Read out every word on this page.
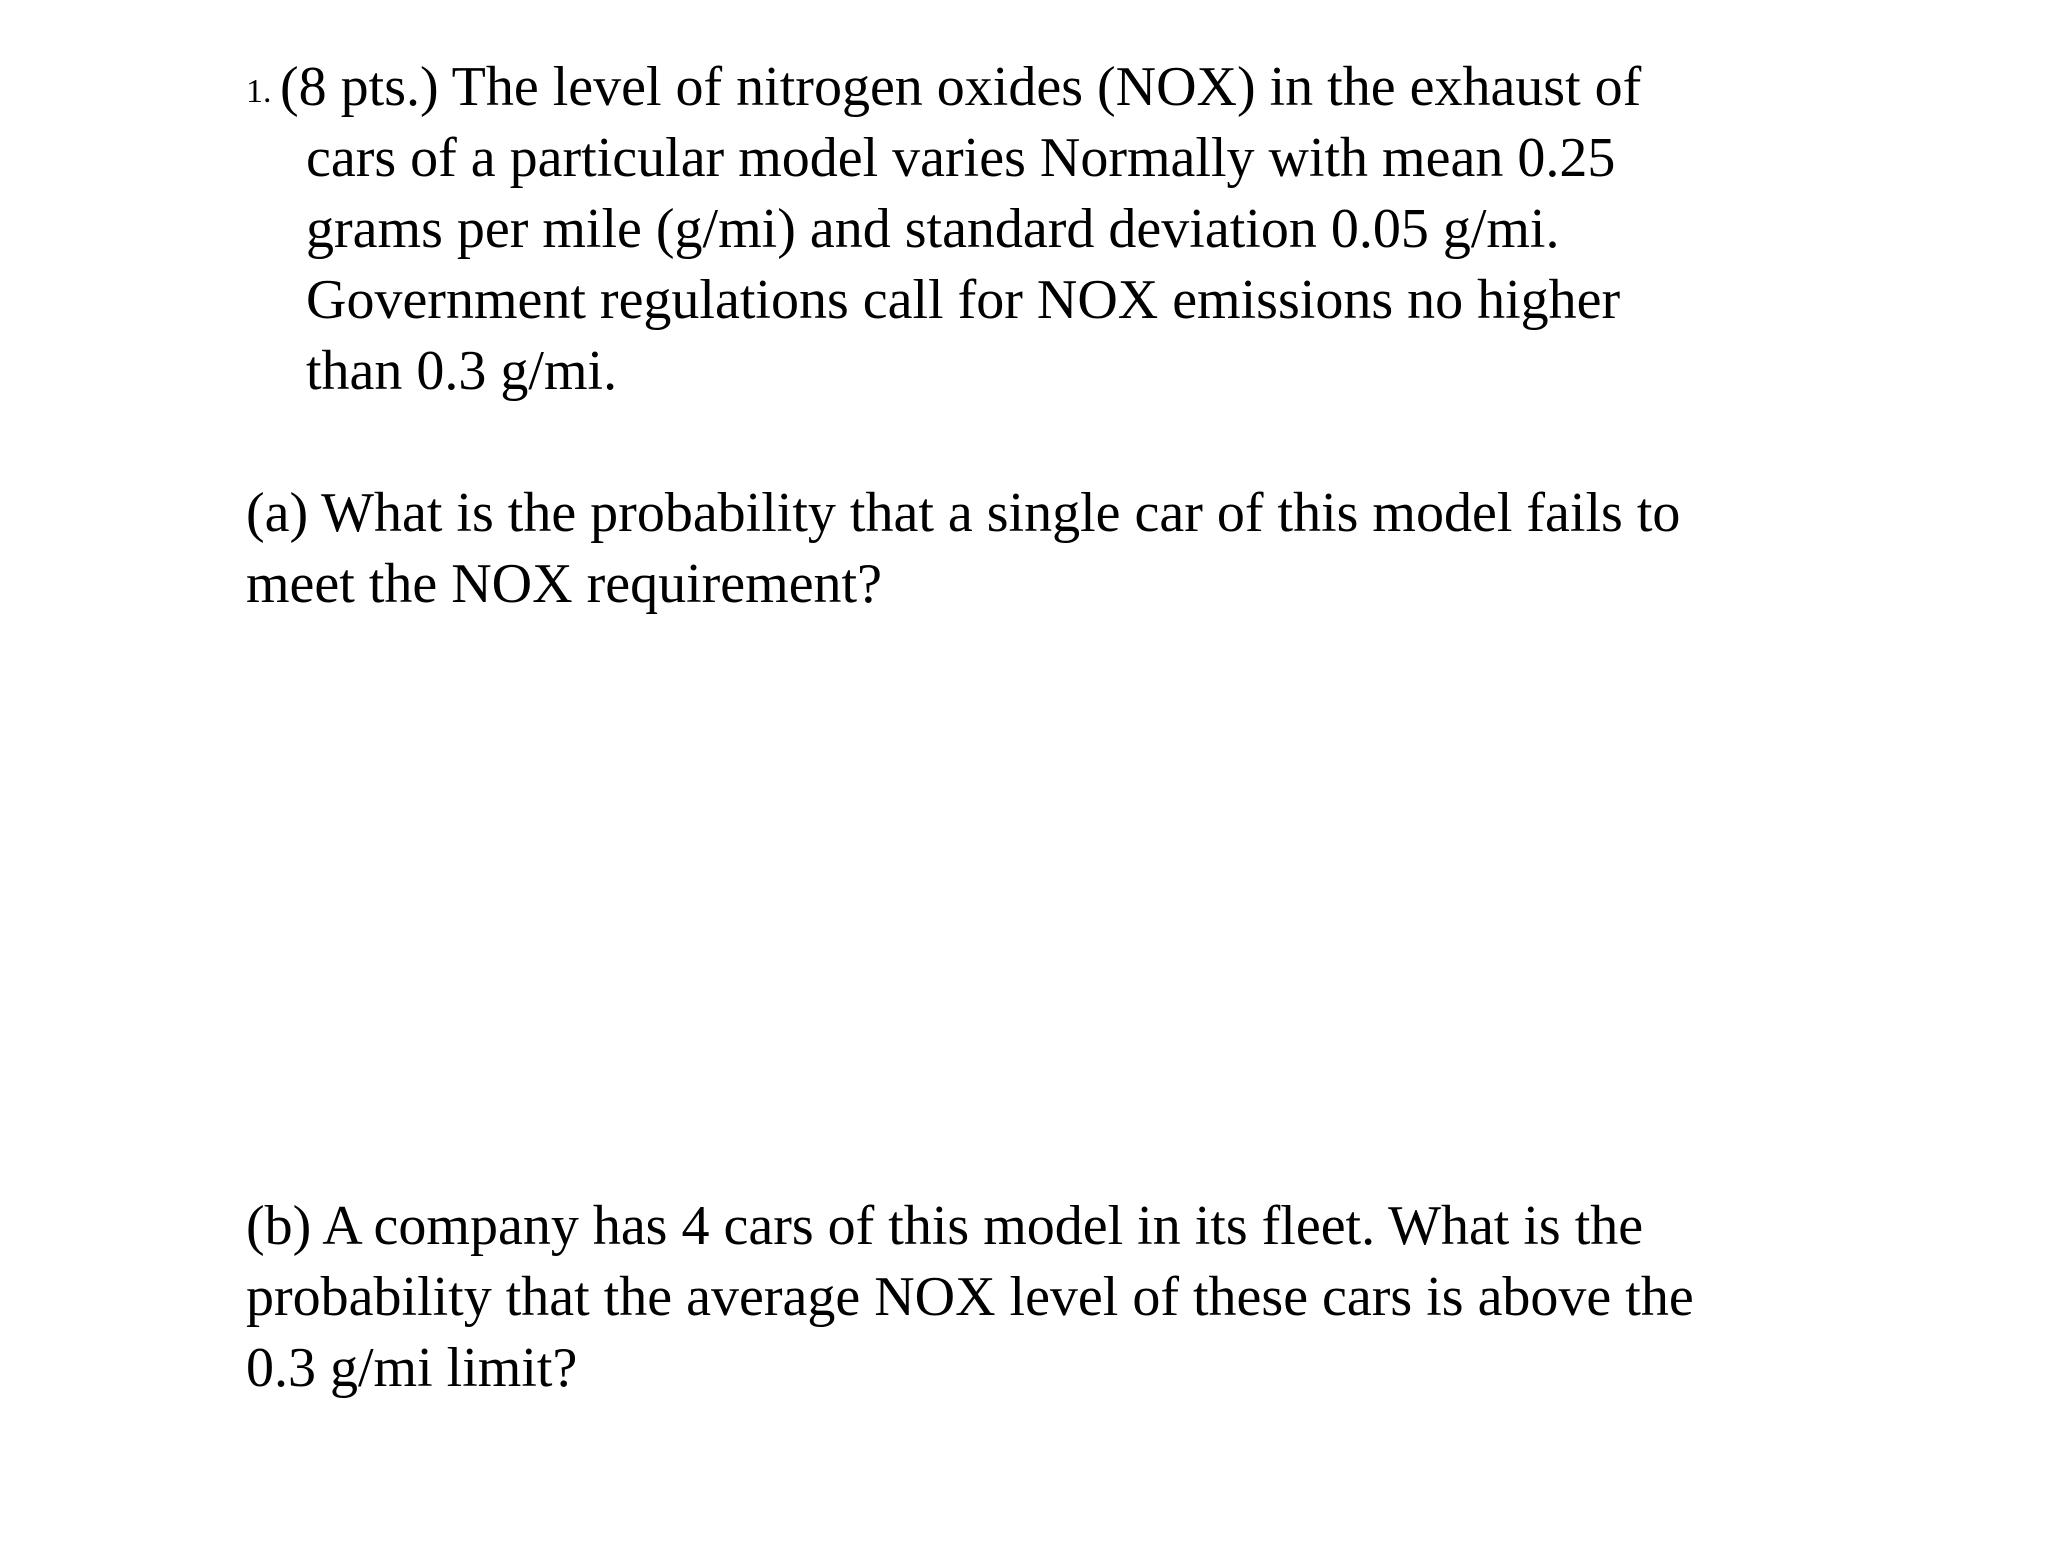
1. (8 pts.) The level of nitrogen oxides (NOX) in the exhaust of
cars of a particular model varies Normally with mean 0.25
grams per mile (g/mi) and standard deviation 0.05 g/mi.
Government regulations call for NOX emissions no higher
than 0.3 g/mi.

(a) What is the probability that a single car of this model fails to
meet the NOX requirement?
(b) A company has 4 cars of this model in its fleet. What is the
probability that the average NOX level of these cars is above the
0.3 g/mi limit?
